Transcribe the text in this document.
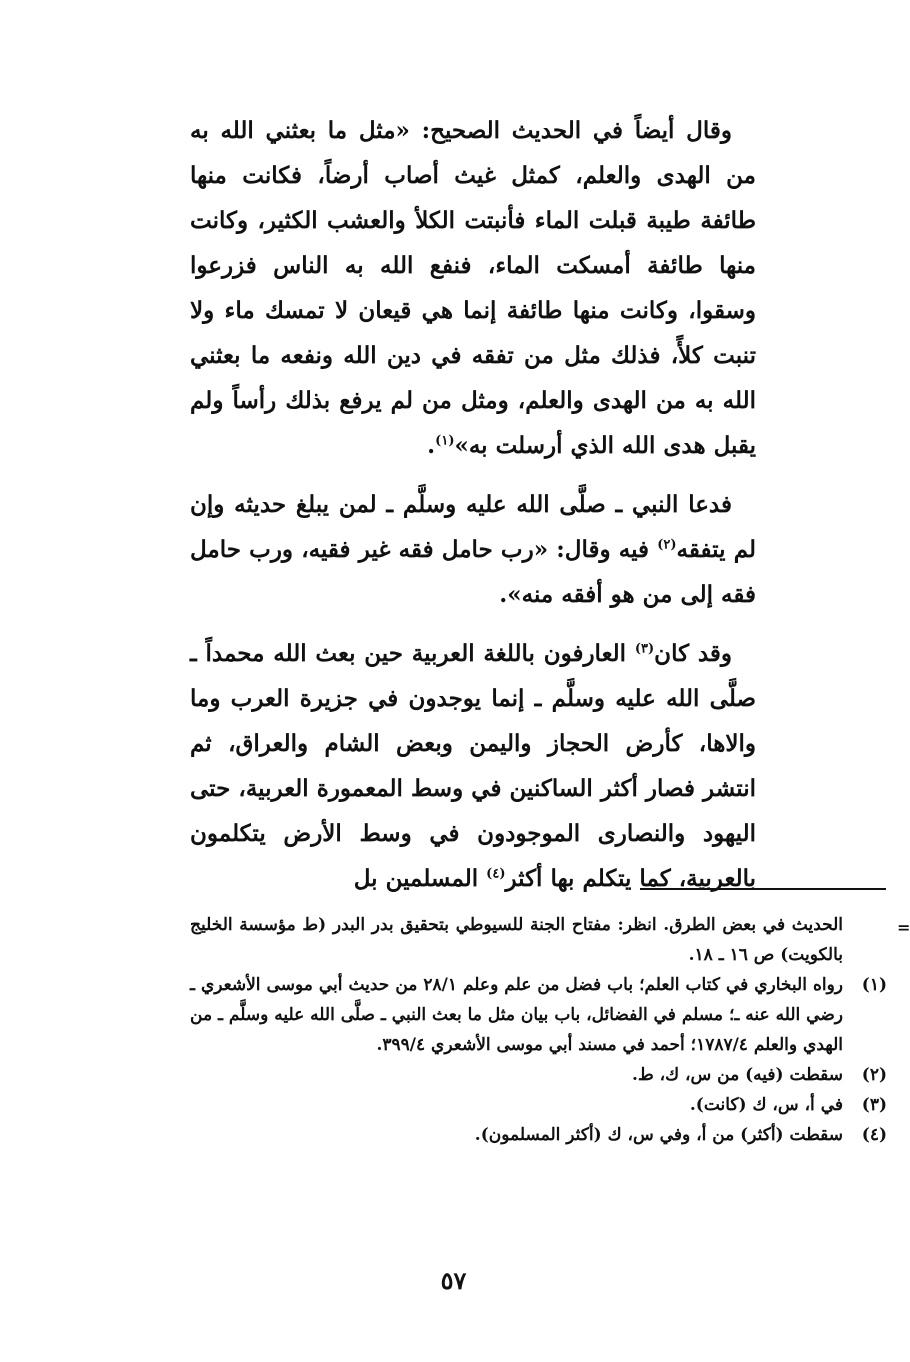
وقال أيضاً في الحديث الصحيح: «مثل ما بعثني الله به من الهدى والعلم، كمثل غيث أصاب أرضاً، فكانت منها طائفة طيبة قبلت الماء فأنبتت الكلأ والعشب الكثير، وكانت منها طائفة أمسكت الماء، فنفع الله به الناس فزرعوا وسقوا، وكانت منها طائفة إنما هي قيعان لا تمسك ماء ولا تنبت كلأً، فذلك مثل من تفقه في دين الله ونفعه ما بعثني الله به من الهدى والعلم، ومثل من لم يرفع بذلك رأساً ولم يقبل هدى الله الذي أرسلت به»$^{(١)}$.

فدعا النبي ـ صلَّى الله عليه وسلَّم ـ لمن يبلغ حديثه وإن لم يتفقه$^{(٢)}$ فيه وقال: «رب حامل فقه غير فقيه، ورب حامل فقه إلى من هو أفقه منه».

وقد كان$^{(٣)}$ العارفون باللغة العربية حين بعث الله محمداً ـ صلَّى الله عليه وسلَّم ـ إنما يوجدون في جزيرة العرب وما والاها، كأرض الحجاز واليمن وبعض الشام والعراق، ثم انتشر فصار أكثر الساكنين في وسط المعمورة العربية، حتى اليهود والنصارى الموجودون في وسط الأرض يتكلمون بالعربية، كما يتكلم بها أكثر$^{(٤)}$ المسلمين بل

=
الحديث في بعض الطرق. انظر: مفتاح الجنة للسيوطي بتحقيق بدر البدر (ط مؤسسة الخليج بالكويت) ص ١٦ ـ ١٨.
(١)
رواه البخاري في كتاب العلم؛ باب فضل من علم وعلم ٢٨/١ من حديث أبي موسى الأشعري ـ رضي الله عنه ـ؛ مسلم في الفضائل، باب بيان مثل ما بعث النبي ـ صلَّى الله عليه وسلَّم ـ من الهدي والعلم ١٧٨٧/٤؛ أحمد في مسند أبي موسى الأشعري ٣٩٩/٤.
(٢)
سقطت (فيه) من س، ك، ط.
(٣)
في أ، س، ك (كانت).
(٤)
سقطت (أكثر) من أ، وفي س، ك (أكثر المسلمون).
٥٧
